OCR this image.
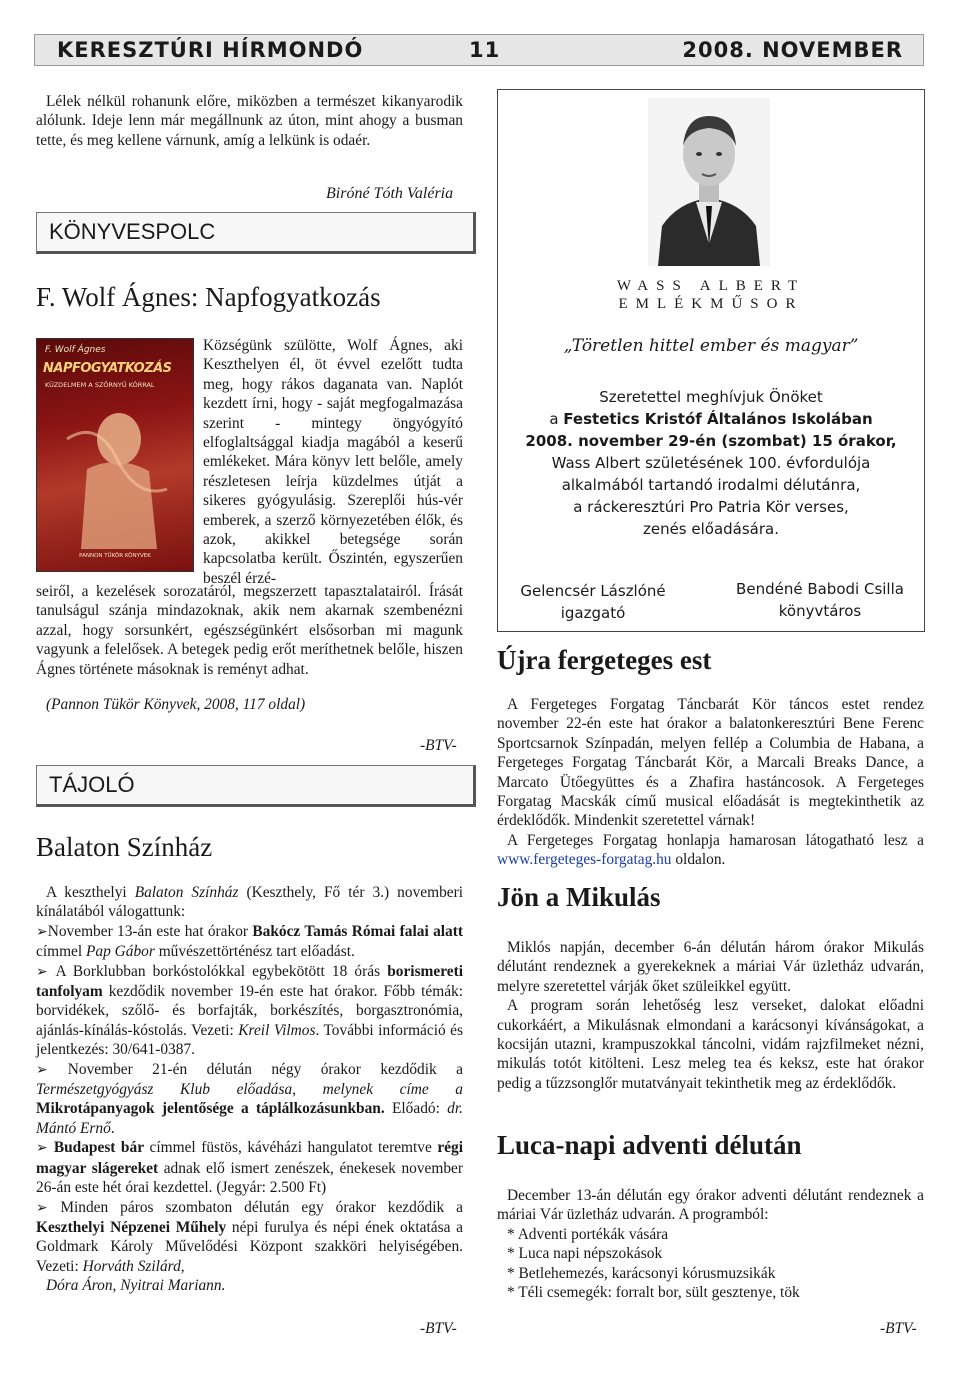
KERESZTÚRI HÍRMONDÓ	11	2008. NOVEMBER
Lélek nélkül rohanunk előre, miközben a természet kikanyarodik alólunk. Ideje lenn már megállnunk az úton, mint ahogy a busman tette, és meg kellene várnunk, amíg a lelkünk is odaér.
Biróné Tóth Valéria
KÖNYVESPOLC
F. Wolf Ágnes: Napfogyatkozás
F. Wolf Ágnes
NAPFOGYATKOZÁS
KÜZDELMEM A SZÖRNYŰ KÓRRAL
PANNON TÜKÖR KÖNYVEK
Községünk szülötte, Wolf Ágnes, aki Keszthelyen él, öt évvel ezelőtt tudta meg, hogy rákos daganata van. Naplót kezdett írni, hogy - saját megfogalmazása szerint - mintegy öngyógyító elfoglaltsággal kiadja magából a keserű emlékeket. Mára könyv lett belőle, amely részletesen leírja küzdelmes útját a sikeres gyógyulásig. Szereplői hús-vér emberek, a szerző környezetében élők, és azok, akikkel betegsége során kapcsolatba került. Őszintén, egyszerűen beszél érzé-
seiről, a kezelések sorozatáról, megszerzett tapasztalatairól. Írását tanulságul szánja mindazoknak, akik nem akarnak szembenézni azzal, hogy sorsunkért, egészségünkért elsősorban mi magunk vagyunk a felelősek. A betegek pedig erőt meríthetnek belőle, hiszen Ágnes története másoknak is reményt adhat.
(Pannon Tükör Könyvek, 2008, 117 oldal)
-BTV-
TÁJOLÓ
Balaton Színház

A keszthelyi Balaton Színház (Keszthely, Fő tér 3.) novemberi kínálatából válogattunk:

➢November 13-án este hat órakor Bakócz Tamás Római falai alatt címmel Pap Gábor művészettörténész tart előadást.

➢ A Borklubban borkóstolókkal egybekötött 18 órás borismereti tanfolyam kezdődik november 19-én este hat órakor. Főbb témák: borvidékek, szőlő- és borfajták, borkészítés, borgasztronómia, ajánlás-kínálás-kóstolás. Vezeti: Kreil Vilmos. További információ és jelentkezés: 30/641-0387.

➢ November 21-én délután négy órakor kezdődik a Természetgyógyász Klub előadása, melynek címe a Mikrotápanyagok jelentősége a táplálkozásunkban. Előadó: dr. Mántó Ernő.

➢ Budapest bár címmel füstös, kávéházi hangulatot teremtve régi magyar slágereket adnak elő ismert zenészek, énekesek november 26-án este hét órai kezdettel. (Jegyár: 2.500 Ft)

➢ Minden páros szombaton délután egy órakor kezdődik a Keszthelyi Népzenei Műhely népi furulya és népi ének oktatása a Goldmark Károly Művelődési Központ szakköri helyiségében. Vezeti: Horváth Szilárd,

Dóra Áron, Nyitrai Mariann.

-BTV-
WASS ALBERT
EMLÉKMŰSOR
„Töretlen hittel ember és magyar”
Szeretettel meghívjuk Önöket
a Festetics Kristóf Általános Iskolában
2008. november 29-én (szombat) 15 órakor,
Wass Albert születésének 100. évfordulója
alkalmából tartandó irodalmi délutánra,
a ráckeresztúri Pro Patria Kör verses,
zenés előadására.
Gelencsér Lászlóné
igazgató
Bendéné Babodi Csilla
könyvtáros
Újra fergeteges est

A Fergeteges Forgatag Táncbarát Kör táncos estet rendez november 22-én este hat órakor a balatonkeresztúri Bene Ferenc Sportcsarnok Színpadán, melyen fellép a Columbia de Habana, a Fergeteges Forgatag Táncbarát Kör, a Marcali Breaks Dance, a Marcato Ütőegyüttes és a Zhafira hastáncosok. A Fergeteges Forgatag Macskák című musical előadását is megtekinthetik az érdeklődők. Mindenkit szeretettel várnak!

A Fergeteges Forgatag honlapja hamarosan látogatható lesz a www.fergeteges-forgatag.hu oldalon.

Jön a Mikulás

Miklós napján, december 6-án délután három órakor Mikulás délutánt rendeznek a gyerekeknek a máriai Vár üzletház udvarán, melyre szeretettel várják őket szüleikkel együtt.

A program során lehetőség lesz verseket, dalokat előadni cukorkáért, a Mikulásnak elmondani a karácsonyi kívánságokat, a kocsiján utazni, krampuszokkal táncolni, vidám rajzfilmeket nézni, mikulás totót kitölteni. Lesz meleg tea és keksz, este hat órakor pedig a tűzzsonglőr mutatványait tekinthetik meg az érdeklődők.

Luca-napi adventi délután

December 13-án délután egy órakor adventi délutánt rendeznek a máriai Vár üzletház udvarán. A programból:

* Adventi portékák vására

* Luca napi népszokások

* Betlehemezés, karácsonyi kórusmuzsikák

* Téli csemegék: forralt bor, sült gesztenye, tök

-BTV-
